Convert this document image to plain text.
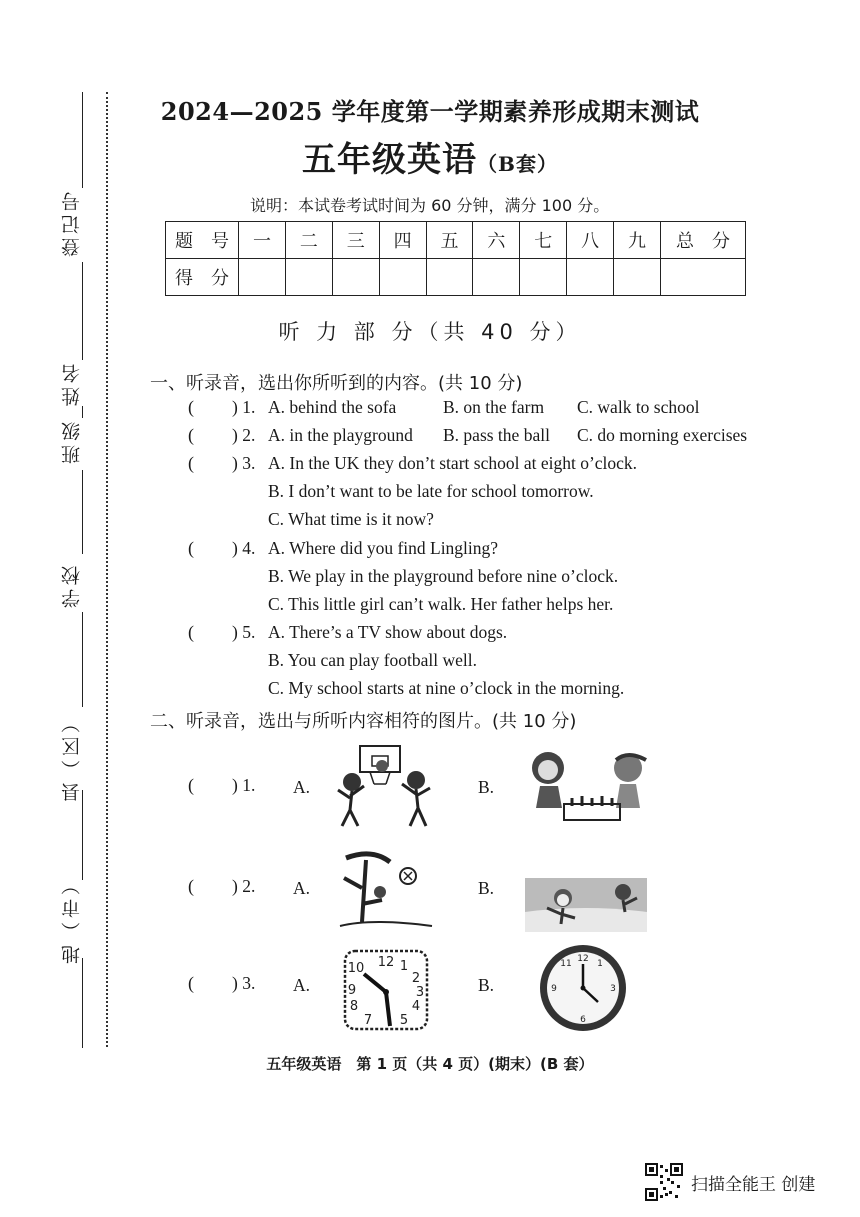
登记号
姓名
班级
学校
县（区）
地（市）
2024—2025 学年度第一学期素养形成期末测试
五年级英语（B套）
说明：本试卷考试时间为 60 分钟，满分 100 分。
题　号	一	二	三	四	五	六	七	八	九	总　分
得　分										
听 力 部 分（共 40 分）
一、听录音，选出你所听到的内容。(共 10 分)
( ) 1. A. behind the sofa	B. on the farm C. walk to school
( ) 2. A. in the playground B. pass the ball C. do morning exercises
( ) 3. A. In the UK they don’t start school at eight o’clock.
B. I don’t want to be late for school tomorrow.
C. What time is it now?
( ) 4. A. Where did you find Lingling?
B. We play in the playground before nine o’clock.
C. This little girl can’t walk. Her father helps her.
( ) 5. A. There’s a TV show about dogs.
B. You can play football well.
C. My school starts at nine o’clock in the morning.
二、听录音，选出与所听内容相符的图片。(共 10 分)
( ) 1. A.	B.
( ) 2. A.	B.
( ) 3. A.
12 1
2
3
4
10
9
8
7 5
B.
12
6
9	3
1
11
五年级英语　第 1 页（共 4 页）(期末）(B 套）
扫描全能王 创建
